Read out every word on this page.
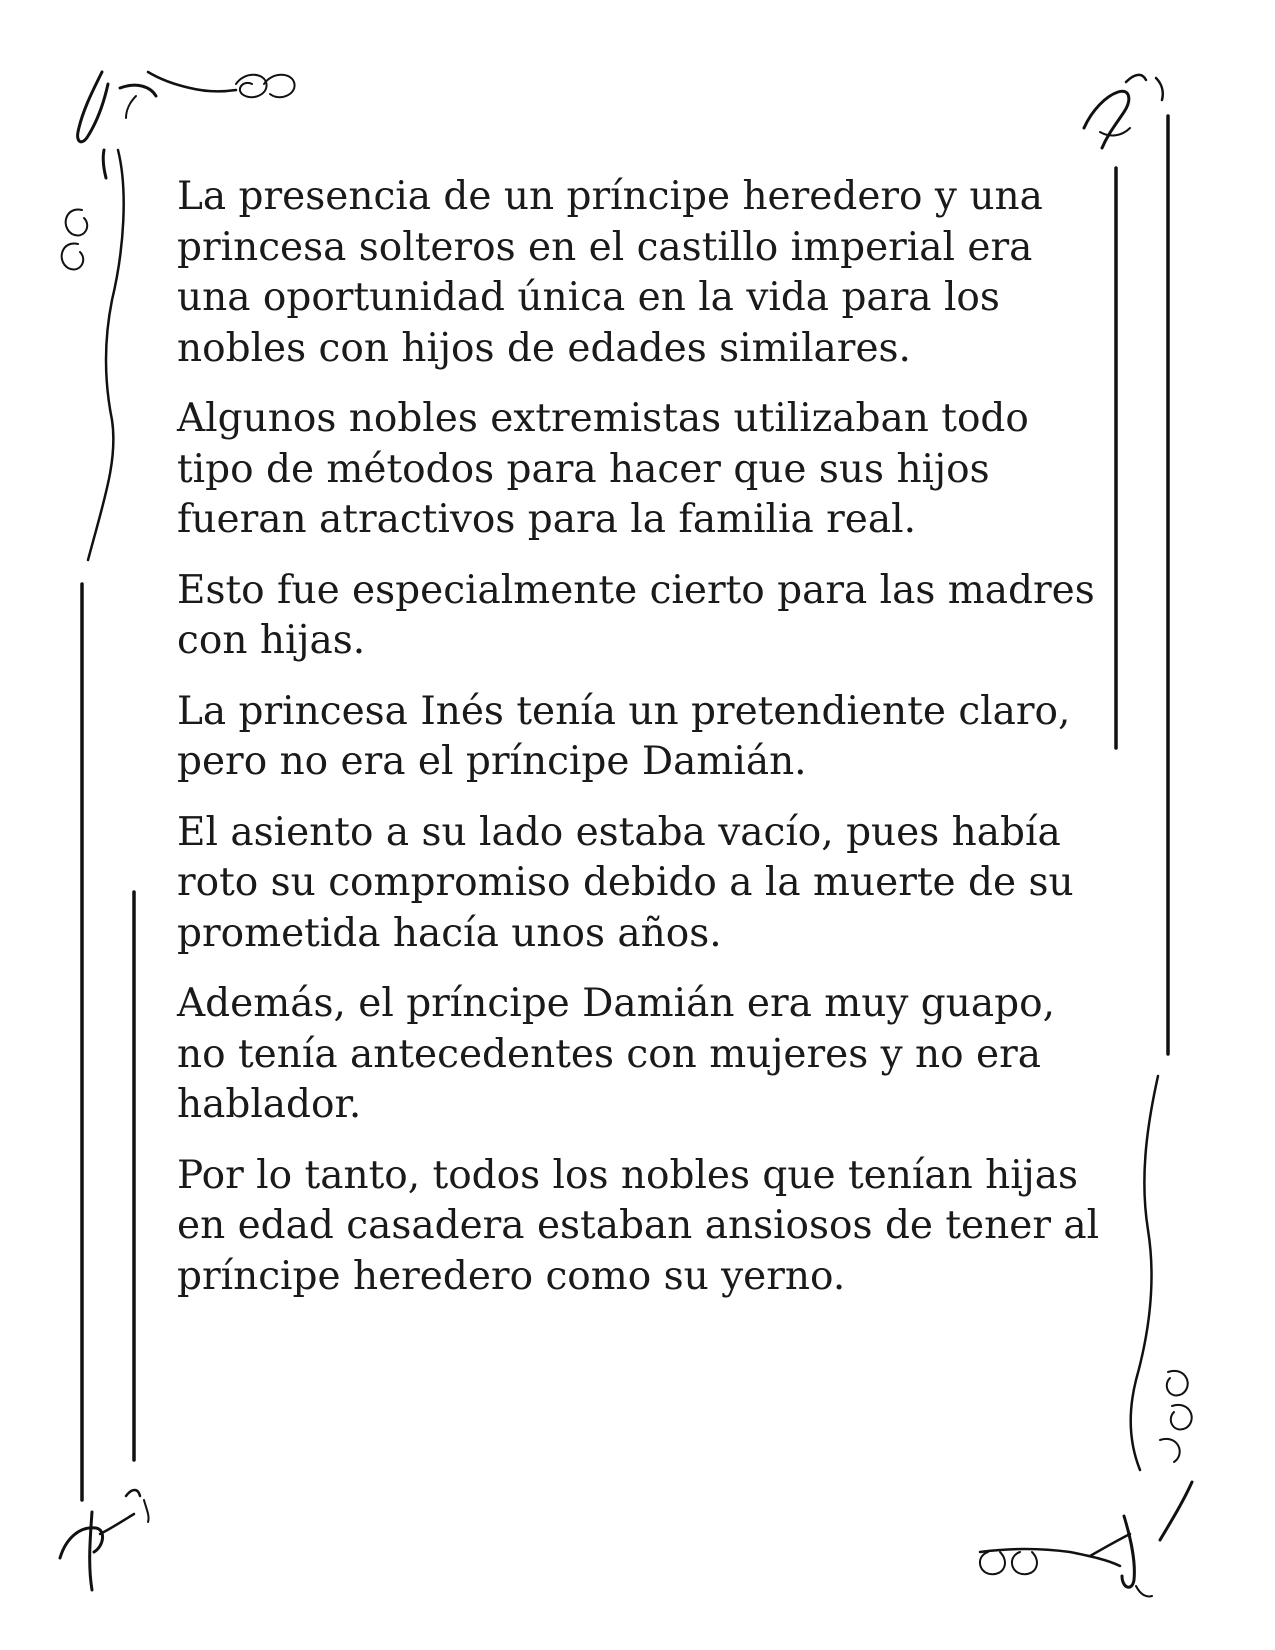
La presencia de un príncipe heredero y una princesa solteros en el castillo imperial era una oportunidad única en la vida para los nobles con hijos de edades similares.

Algunos nobles extremistas utilizaban todo tipo de métodos para hacer que sus hijos fueran atractivos para la familia real.

Esto fue especialmente cierto para las madres con hijas.

La princesa Inés tenía un pretendiente claro, pero no era el príncipe Damián.

El asiento a su lado estaba vacío, pues había roto su compromiso debido a la muerte de su prometida hacía unos años.

Además, el príncipe Damián era muy guapo, no tenía antecedentes con mujeres y no era hablador.

Por lo tanto, todos los nobles que tenían hijas en edad casadera estaban ansiosos de tener al príncipe heredero como su yerno.
